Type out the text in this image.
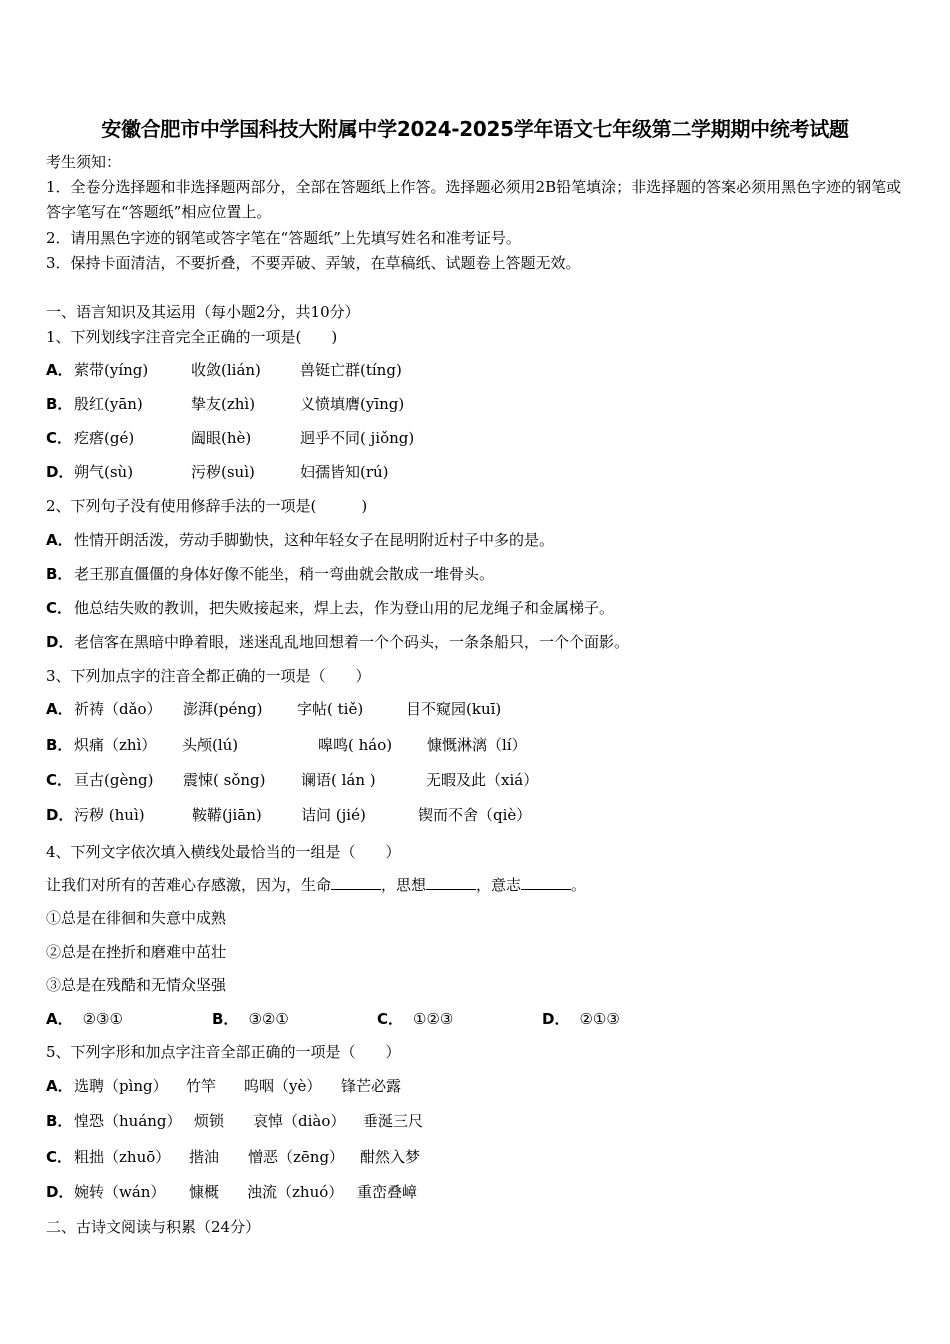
安徽合肥市中学国科技大附属中学2024-2025学年语文七年级第二学期期中统考试题
考生须知：
1．全卷分选择题和非选择题两部分，全部在答题纸上作答。选择题必须用2B铅笔填涂；非选择题的答案必须用黑色字迹的钢笔或答字笔写在“答题纸”相应位置上。
2．请用黑色字迹的钢笔或答字笔在“答题纸”上先填写姓名和准考证号。
3．保持卡面清洁，不要折叠，不要弄破、弄皱，在草稿纸、试题卷上答题无效。
一、语言知识及其运用（每小题2分，共10分）
1、下列划线字注音完全正确的一项是(　　)
A．萦带(yíng)	收敛(lián)	兽铤亡群(tíng)
B． 殷红(yān)	挚友(zhì)	义愤填膺(yīng)
C． 疙瘩(gé)	阖眼(hè)	迥乎不同( jiǒng)
D．朔气(sù)	污秽(suì)	妇孺皆知(rú)
2、下列句子没有使用修辞手法的一项是(　　　)
A．性情开朗活泼，劳动手脚勤快，这种年轻女子在昆明附近村子中多的是。
B． 老王那直僵僵的身体好像不能坐，稍一弯曲就会散成一堆骨头。
C． 他总结失败的教训，把失败接起来，焊上去，作为登山用的尼龙绳子和金属梯子。
D．老信客在黑暗中睁着眼，迷迷乱乱地回想着一个个码头，一条条船只，一个个面影。
3、下列加点字的注音全都正确的一项是（　　）
A．祈祷（dǎo） 澎湃(péng) 字帖( tiě)	目不窥园(kuī)
B． 炽痛（zhì） 头颅(lú)	嗥鸣( háo) 慷慨淋漓（lí）
C． 亘古(gèng) 震悚( sǒng) 谰语( lán )	无暇及此（xiá）
D．污秽 (huì)	鞍鞯(jiān)	诘问 (jié)	锲而不舍（qiè）
4、下列文字依次填入横线处最恰当的一组是（　　）
让我们对所有的苦难心存感激，因为，生命	，思想	，意志	。
①总是在徘徊和失意中成熟
②总是在挫折和磨难中茁壮
③总是在残酷和无情众坚强
A． ②③①	B． ③②①	C． ①②③	D． ②①③
5、下列字形和加点字注音全部正确的一项是（　　）
A．选聘（pìng） 竹竿 呜咽（yè） 锋芒必露
B． 惶恐（huáng） 烦锁 哀悼（diào） 垂涎三尺
C． 粗拙（zhuō） 揩油 憎恶（zēng） 酣然入梦
D．婉转（wán） 慷概 浊流（zhuó） 重峦叠嶂
二、古诗文阅读与积累（24分）
